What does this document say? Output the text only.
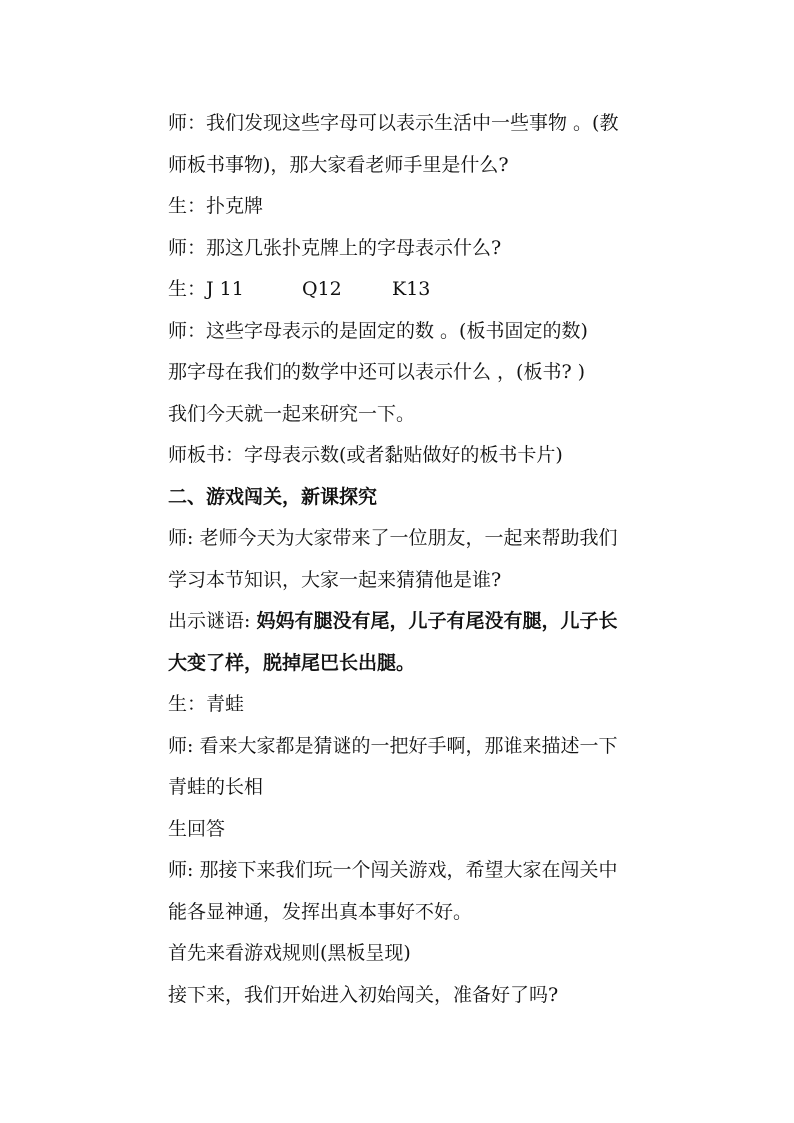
师：我们发现这些字母可以表示生活中一些事物 。(教
师板书事物)，那大家看老师手里是什么?
生：扑克牌
师：那这几张扑克牌上的字母表示什么?
生：J 11	Q12	K13
师：这些字母表示的是固定的数 。(板书固定的数)
那字母在我们的数学中还可以表示什么 ，(板书? )
我们今天就一起来研究一下。
师板书：字母表示数(或者黏贴做好的板书卡片)
二、游戏闯关，新课探究
师: 老师今天为大家带来了一位朋友，一起来帮助我们
学习本节知识，大家一起来猜猜他是谁?
出示谜语: 妈妈有腿没有尾，儿子有尾没有腿，儿子长
大变了样，脱掉尾巴长出腿。
生：青蛙
师: 看来大家都是猜谜的一把好手啊，那谁来描述一下
青蛙的长相
生回答
师: 那接下来我们玩一个闯关游戏，希望大家在闯关中
能各显神通，发挥出真本事好不好。
首先来看游戏规则(黑板呈现)
接下来，我们开始进入初始闯关，准备好了吗?
